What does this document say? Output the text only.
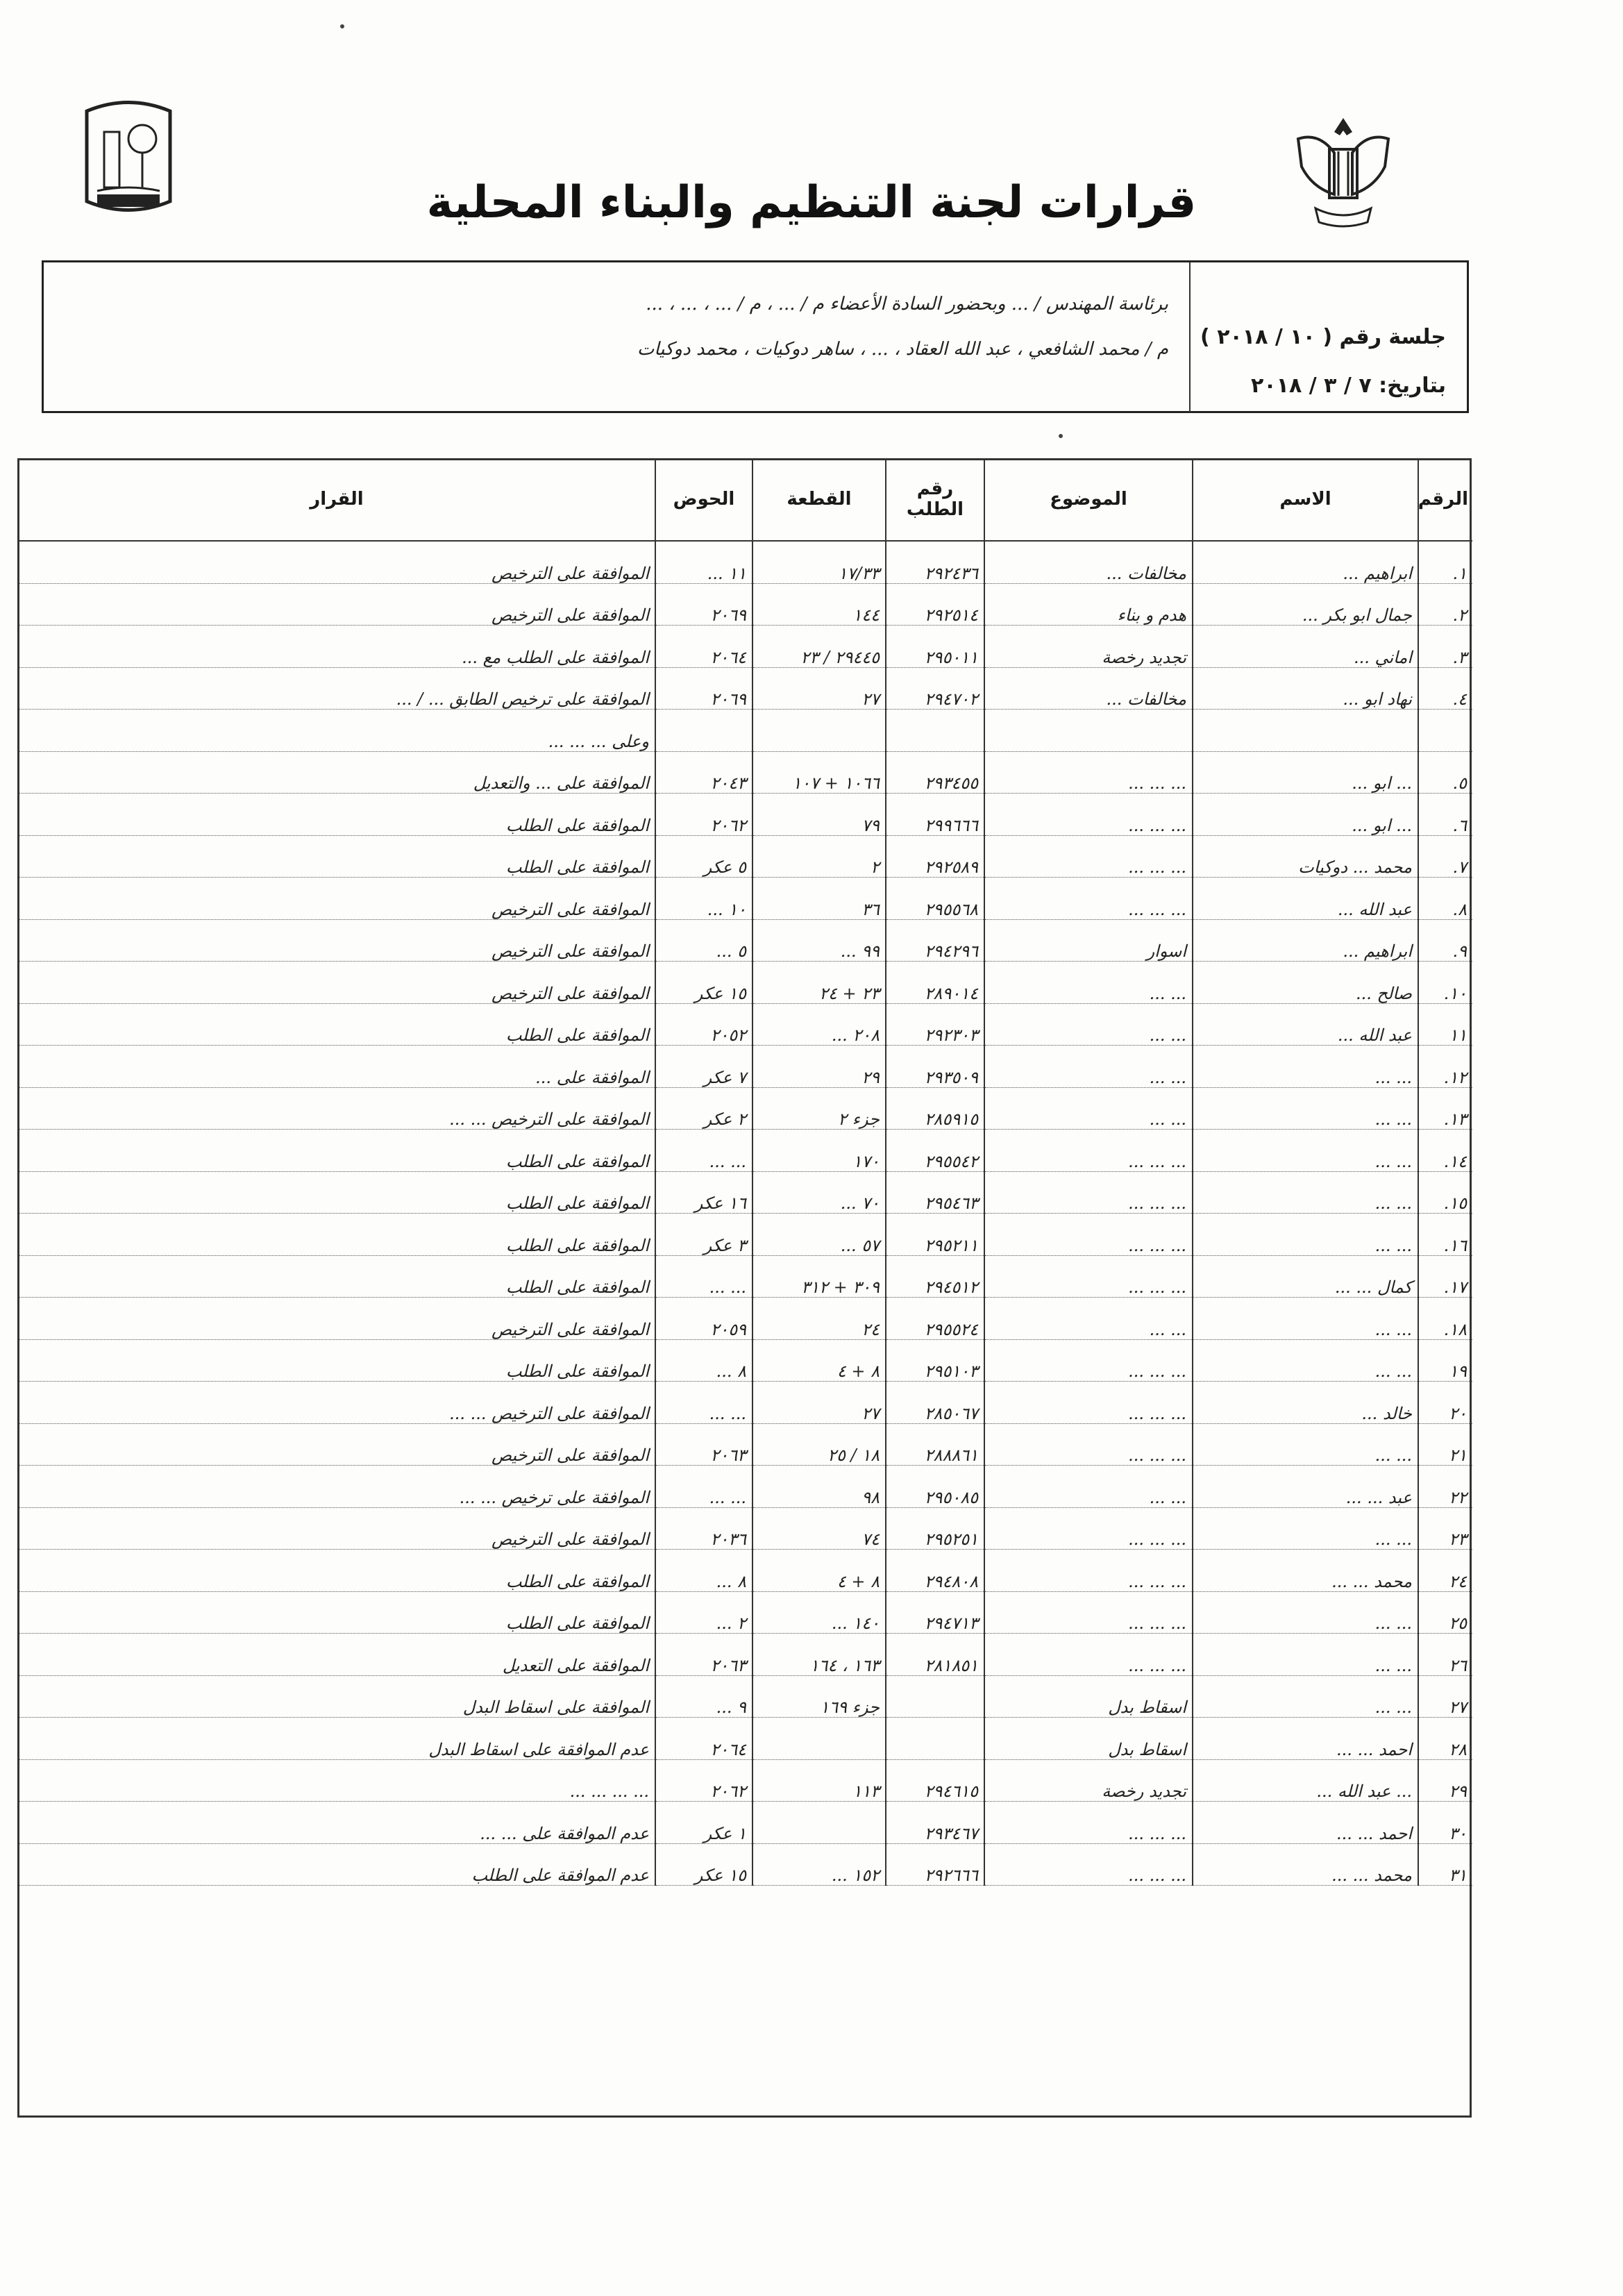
قرارات لجنة التنظيم والبناء المحلية
جلسة رقم ( ١٠ / ٢٠١٨ )
بتاريخ: ٧ / ٣ / ٢٠١٨
برئاسة المهندس / ... وبحضور السادة الأعضاء م / ... ، م / ... ، ... ، ...
م / محمد الشافعي ، عبد الله العقاد ، ... ، ساهر دوكيات ، محمد دوكيات
الرقم	الاسم	الموضوع	رقم الطلب	القطعة	الحوض	القرار
١.	ابراهيم ...	مخالفات ...	٢٩٢٤٣٦	١٧/٣٣	١١ ...	الموافقة على الترخيص
٢.	جمال ابو بكر ...	هدم و بناء	٢٩٢٥١٤	١٤٤	٢٠٦٩	الموافقة على الترخيص
٣.	اماني ...	تجديد رخصة	٢٩٥٠١١	٢٩٤٤٥ / ٢٣	٢٠٦٤	الموافقة على الطلب مع ...
٤.	نهاد ابو ...	مخالفات ...	٢٩٤٧٠٢	٢٧	٢٠٦٩	الموافقة على ترخيص الطابق ... / ...
						وعلى ... ... ...
٥.	... ابو ...	... ... ...	٢٩٣٤٥٥	١٠٦٦ + ١٠٧	٢٠٤٣	الموافقة على ... والتعديل
٦.	... ابو ...	... ... ...	٢٩٩٦٦٦	٧٩	٢٠٦٢	الموافقة على الطلب
٧.	محمد ... دوكيات	... ... ...	٢٩٢٥٨٩	٢	٥ عكر	الموافقة على الطلب
٨.	عبد الله ...	... ... ...	٢٩٥٥٦٨	٣٦	١٠ ...	الموافقة على الترخيص
٩.	ابراهيم ...	اسوار	٢٩٤٢٩٦	٩٩ ...	٥ ...	الموافقة على الترخيص
١٠.	صالح ...	... ...	٢٨٩٠١٤	٢٣ + ٢٤	١٥ عكر	الموافقة على الترخيص
١١	عبد الله ...	... ...	٢٩٢٣٠٣	٢٠٨ ...	٢٠٥٢	الموافقة على الطلب
١٢.	... ...	... ...	٢٩٣٥٠٩	٢٩	٧ عكر	الموافقة على ...
١٣.	... ...	... ...	٢٨٥٩١٥	جزء ٢	٢ عكر	الموافقة على الترخيص ... ...
١٤.	... ...	... ... ...	٢٩٥٥٤٢	١٧٠	... ...	الموافقة على الطلب
١٥.	... ...	... ... ...	٢٩٥٤٦٣	٧٠ ...	١٦ عكر	الموافقة على الطلب
١٦.	... ...	... ... ...	٢٩٥٢١١	٥٧ ...	٣ عكر	الموافقة على الطلب
١٧.	كمال ... ...	... ... ...	٢٩٤٥١٢	٣٠٩ + ٣١٢	... ...	الموافقة على الطلب
١٨.	... ...	... ...	٢٩٥٥٢٤	٢٤	٢٠٥٩	الموافقة على الترخيص
١٩	... ...	... ... ...	٢٩٥١٠٣	٨ + ٤	٨ ...	الموافقة على الطلب
٢٠	خالد ...	... ... ...	٢٨٥٠٦٧	٢٧	... ...	الموافقة على الترخيص ... ...
٢١	... ...	... ... ...	٢٨٨٨٦١	١٨ / ٢٥	٢٠٦٣	الموافقة على الترخيص
٢٢	عبد ... ...	... ...	٢٩٥٠٨٥	٩٨	... ...	الموافقة على ترخيص ... ...
٢٣	... ...	... ... ...	٢٩٥٢٥١	٧٤	٢٠٣٦	الموافقة على الترخيص
٢٤	محمد ... ...	... ... ...	٢٩٤٨٠٨	٨ + ٤	٨ ...	الموافقة على الطلب
٢٥	... ...	... ... ...	٢٩٤٧١٣	١٤٠ ...	٢ ...	الموافقة على الطلب
٢٦	... ...	... ... ...	٢٨١٨٥١	١٦٣ ، ١٦٤	٢٠٦٣	الموافقة على التعديل
٢٧	... ...	اسقاط بدل		جزء ١٦٩	٩ ...	الموافقة على اسقاط البدل
٢٨	احمد ... ...	اسقاط بدل			٢٠٦٤	عدم الموافقة على اسقاط البدل
٢٩	... عبد الله ...	تجديد رخصة	٢٩٤٦١٥	١١٣	٢٠٦٢	... ... ... ...
٣٠	احمد ... ...	... ... ...	٢٩٣٤٦٧		١ عكر	عدم الموافقة على ... ...
٣١	محمد ... ...	... ... ...	٢٩٢٦٦٦	١٥٢ ...	١٥ عكر	عدم الموافقة على الطلب
